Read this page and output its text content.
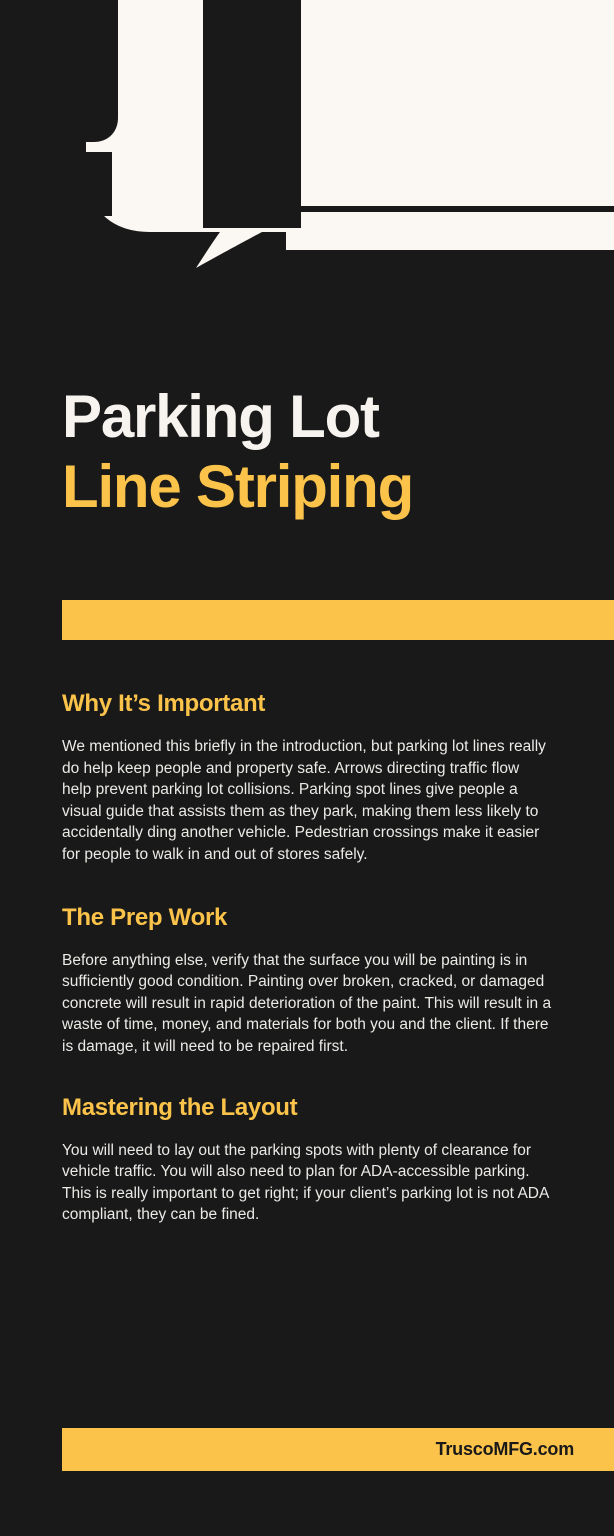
Parking Lot
Line Striping
Why It’s Important

We mentioned this briefly in the introduction, but parking lot lines really do help keep people and property safe. Arrows directing traffic flow help prevent parking lot collisions. Parking spot lines give people a visual guide that assists them as they park, making them less likely to accidentally ding another vehicle. Pedestrian crossings make it easier for people to walk in and out of stores safely.

The Prep Work

Before anything else, verify that the surface you will be painting is in sufficiently good condition. Painting over broken, cracked, or damaged concrete will result in rapid deterioration of the paint. This will result in a waste of time, money, and materials for both you and the client. If there is damage, it will need to be repaired first.

Mastering the Layout

You will need to lay out the parking spots with plenty of clearance for vehicle traffic. You will also need to plan for ADA-accessible parking. This is really important to get right; if your client’s parking lot is not ADA compliant, they can be fined.

TruscoMFG.com
